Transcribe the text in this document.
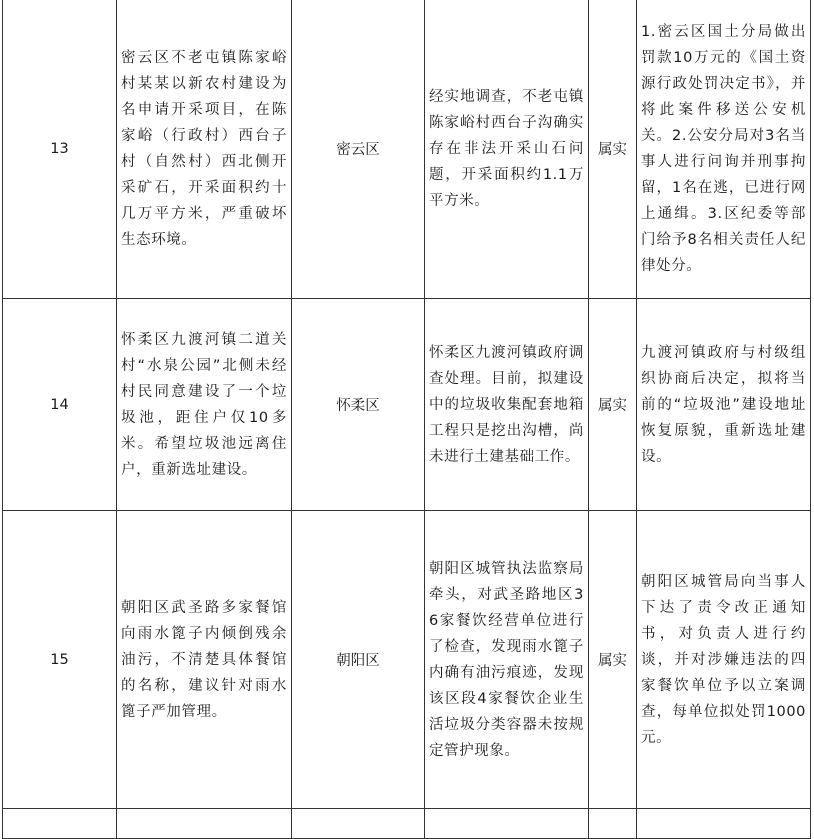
13	密云区不老屯镇陈家峪村某某以新农村建设为名申请开采项目，在陈家峪（行政村）西台子村（自然村）西北侧开采矿石，开采面积约十几万平方米，严重破坏生态环境。	密云区	经实地调查，不老屯镇陈家峪村西台子沟确实存在非法开采山石问题，开采面积约1.1万平方米。	属实	1.密云区国土分局做出罚款10万元的《国土资源行政处罚决定书》，并将此案件移送公安机关。2.公安分局对3名当事人进行问询并刑事拘留，1名在逃，已进行网上通缉。3.区纪委等部门给予8名相关责任人纪律处分。

14	怀柔区九渡河镇二道关村“水泉公园”北侧未经村民同意建设了一个垃圾池，距住户仅10多米。希望垃圾池远离住户，重新选址建设。	怀柔区	怀柔区九渡河镇政府调查处理。目前，拟建设中的垃圾收集配套地箱工程只是挖出沟槽，尚未进行土建基础工作。	属实	九渡河镇政府与村级组织协商后决定，拟将当前的“垃圾池”建设地址恢复原貌，重新选址建设。

15	朝阳区武圣路多家餐馆向雨水篦子内倾倒残余油污，不清楚具体餐馆的名称，建议针对雨水篦子严加管理。	朝阳区	朝阳区城管执法监察局牵头，对武圣路地区36家餐饮经营单位进行了检查，发现雨水篦子内确有油污痕迹，发现该区段4家餐饮企业生活垃圾分类容器未按规定管护现象。	属实	朝阳区城管局向当事人下达了责令改正通知书，对负责人进行约谈，并对涉嫌违法的四家餐饮单位予以立案调查，每单位拟处罚1000元。
